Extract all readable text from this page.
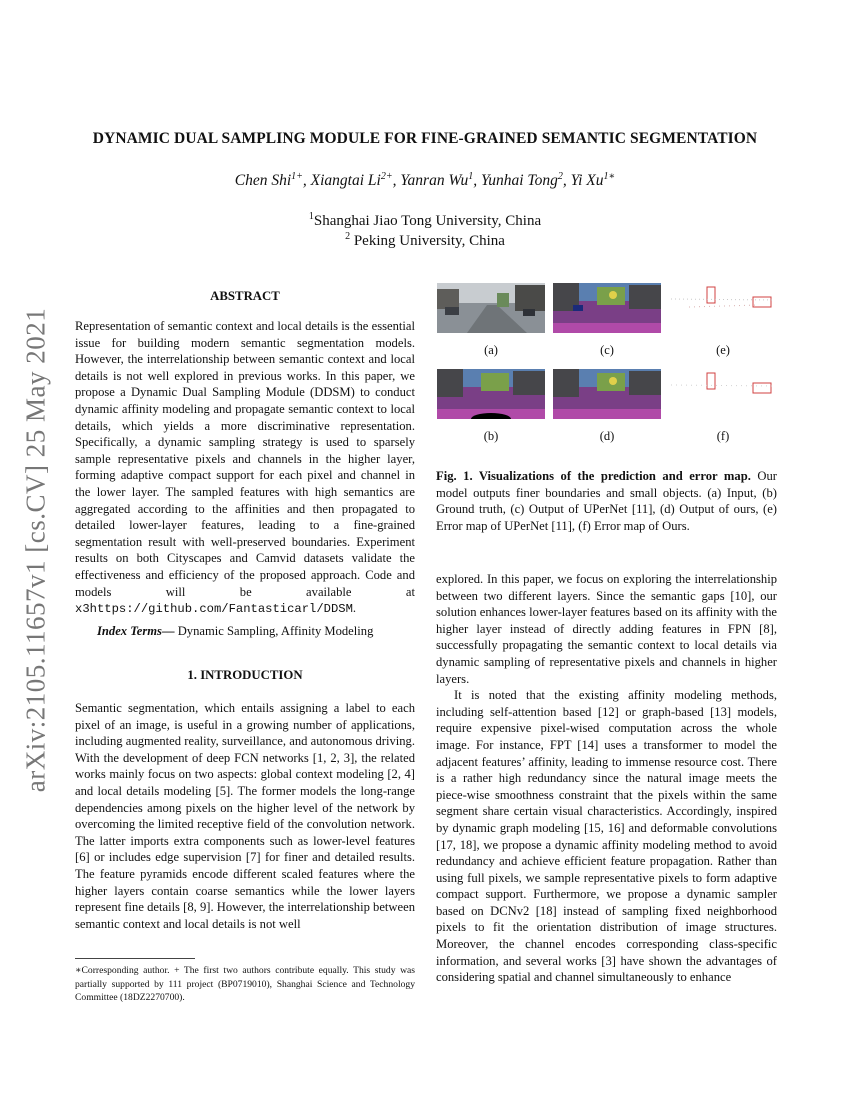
arXiv:2105.11657v1 [cs.CV] 25 May 2021
DYNAMIC DUAL SAMPLING MODULE FOR FINE-GRAINED SEMANTIC SEGMENTATION
Chen Shi$^{1+}$, Xiangtai $Li^{2+}$, Yanran Wu$^1$, Yunhai Tong$^2$, Yi $Xu^{1∗}$
$^1$Shanghai Jiao Tong University, China
$^2$ Peking University, China
ABSTRACT

Representation of semantic context and local details is the essential issue for building modern semantic segmentation models. However, the interrelationship between semantic context and local details is not well explored in previous works. In this paper, we propose a Dynamic Dual Sampling Module (DDSM) to conduct dynamic affinity modeling and propagate semantic context to local details, which yields a more discriminative representation. Specifically, a dynamic sampling strategy is used to sparsely sample representative pixels and channels in the higher layer, forming adaptive compact support for each pixel and channel in the lower layer. The sampled features with high semantics are aggregated according to the affinities and then propagated to detailed lower-layer features, leading to a fine-grained segmentation result with well-preserved boundaries. Experiment results on both Cityscapes and Camvid datasets validate the effectiveness and efficiency of the proposed approach. Code and models will be available at x3https://github.com/Fantasticarl/DDSM.

Index Terms— Dynamic Sampling, Affinity Modeling
1. INTRODUCTION

Semantic segmentation, which entails assigning a label to each pixel of an image, is useful in a growing number of applications, including augmented reality, surveillance, and autonomous driving. With the development of deep FCN networks [1, 2, 3], the related works mainly focus on two aspects: global context modeling [2, 4] and local details modeling [5]. The former models the long-range dependencies among pixels on the higher level of the network by overcoming the limited receptive field of the convolution network. The latter imports extra components such as lower-level features [6] or includes edge supervision [7] for finer and detailed results. The feature pyramids encode different scaled features where the higher layers contain coarse semantics while the lower layers represent fine details [8, 9]. However, the interrelationship between semantic context and local details is not well

∗Corresponding author. + The first two authors contribute equally. This study was partially supported by 111 project (BP0719010), Shanghai Science and Technology Committee (18DZ2270700).
(a)	(c)	(e)
(b)	(d)	(f)
Fig. 1. Visualizations of the prediction and error map. Our model outputs finer boundaries and small objects. (a) Input, (b) Ground truth, (c) Output of UPerNet [11], (d) Output of ours, (e) Error map of UPerNet [11], (f) Error map of Ours.

explored. In this paper, we focus on exploring the interrelationship between two different layers. Since the semantic gaps [10], our solution enhances lower-layer features based on its affinity with the higher layer instead of directly adding features in FPN [8], successfully propagating the semantic context to local details via dynamic sampling of representative pixels and channels in higher layers.

It is noted that the existing affinity modeling methods, including self-attention based [12] or graph-based [13] models, require expensive pixel-wised computation across the whole image. For instance, FPT [14] uses a transformer to model the adjacent features’ affinity, leading to immense resource cost. There is a rather high redundancy since the natural image meets the piece-wise smoothness constraint that the pixels within the same segment share certain visual characteristics. Accordingly, inspired by dynamic graph modeling [15, 16] and deformable convolutions [17, 18], we propose a dynamic affinity modeling method to avoid redundancy and achieve efficient feature propagation. Rather than using full pixels, we sample representative pixels to form adaptive compact support. Furthermore, we propose a dynamic sampler based on DCNv2 [18] instead of sampling fixed neighborhood pixels to fit the orientation distribution of image structures. Moreover, the channel encodes corresponding class-specific information, and several works [3] have shown the advantages of considering spatial and channel simultaneously to enhance
